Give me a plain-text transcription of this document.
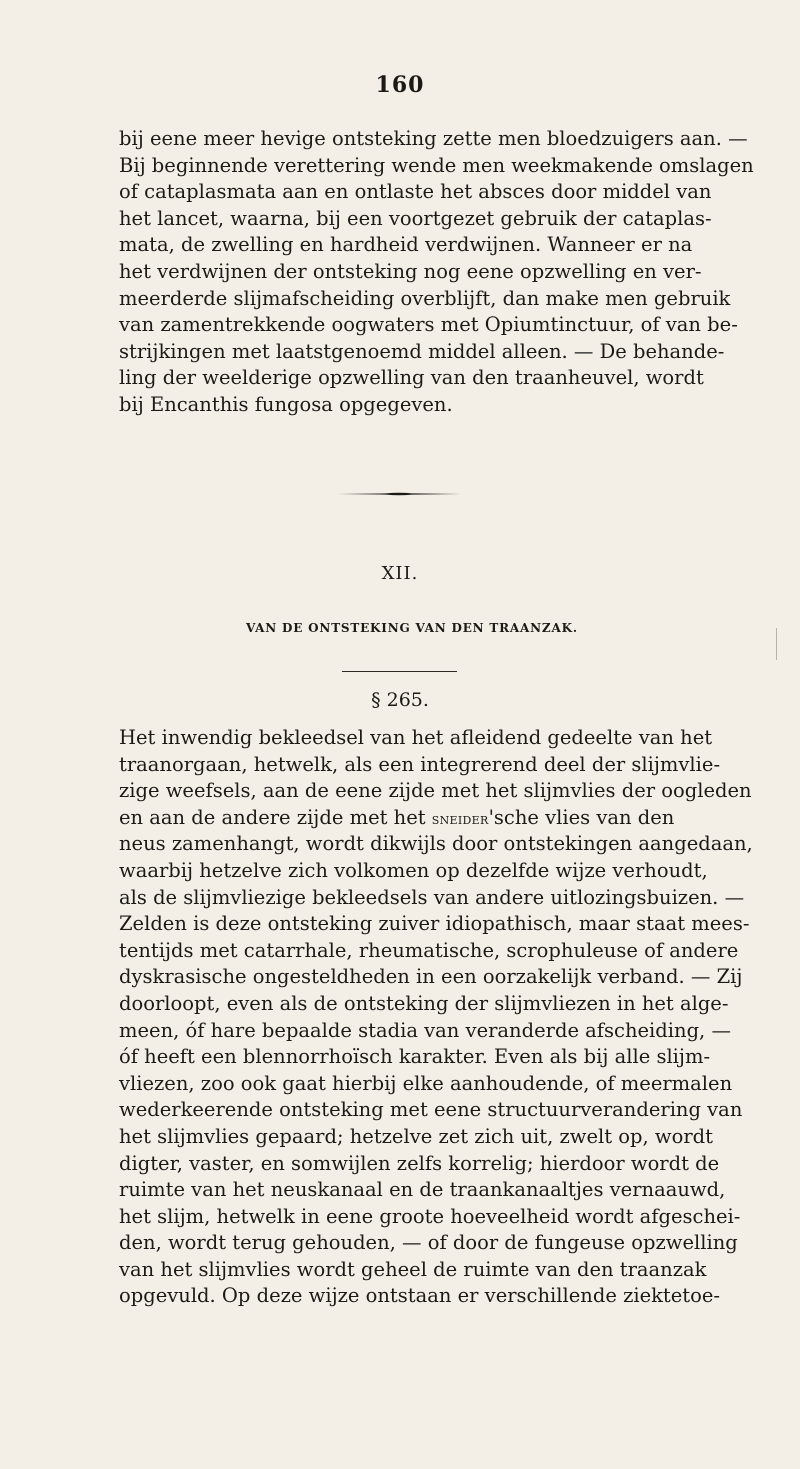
160
bij eene meer hevige ontsteking zette men bloedzuigers aan. —
Bij beginnende verettering wende men weekmakende omslagen
of cataplasmata aan en ontlaste het absces door middel van
het lancet, waarna, bij een voortgezet gebruik der cataplas-
mata, de zwelling en hardheid verdwijnen. Wanneer er na
het verdwijnen der ontsteking nog eene opzwelling en ver-
meerderde slijmafscheiding overblijft, dan make men gebruik
van zamentrekkende oogwaters met Opiumtinctuur, of van be-
strijkingen met laatstgenoemd middel alleen. — De behande-
ling der weelderige opzwelling van den traanheuvel, wordt
bij Encanthis fungosa opgegeven.
XII.
VAN DE ONTSTEKING VAN DEN TRAANZAK.
§ 265.
Het inwendig bekleedsel van het afleidend gedeelte van het
traanorgaan, hetwelk, als een integrerend deel der slijmvlie-
zige weefsels, aan de eene zijde met het slijmvlies der oogleden
en aan de andere zijde met het sneider'sche vlies van den
neus zamenhangt, wordt dikwijls door ontstekingen aangedaan,
waarbij hetzelve zich volkomen op dezelfde wijze verhoudt,
als de slijmvliezige bekleedsels van andere uitlozingsbuizen. —
Zelden is deze ontsteking zuiver idiopathisch, maar staat mees-
tentijds met catarrhale, rheumatische, scrophuleuse of andere
dyskrasische ongesteldheden in een oorzakelijk verband. — Zij
doorloopt, even als de ontsteking der slijmvliezen in het alge-
meen, óf hare bepaalde stadia van veranderde afscheiding, —
óf heeft een blennorrhoïsch karakter. Even als bij alle slijm-
vliezen, zoo ook gaat hierbij elke aanhoudende, of meermalen
wederkeerende ontsteking met eene structuurverandering van
het slijmvlies gepaard; hetzelve zet zich uit, zwelt op, wordt
digter, vaster, en somwijlen zelfs korrelig; hierdoor wordt de
ruimte van het neuskanaal en de traankanaaltjes vernaauwd,
het slijm, hetwelk in eene groote hoeveelheid wordt afgeschei-
den, wordt terug gehouden, — of door de fungeuse opzwelling
van het slijmvlies wordt geheel de ruimte van den traanzak
opgevuld. Op deze wijze ontstaan er verschillende ziektetoe-
